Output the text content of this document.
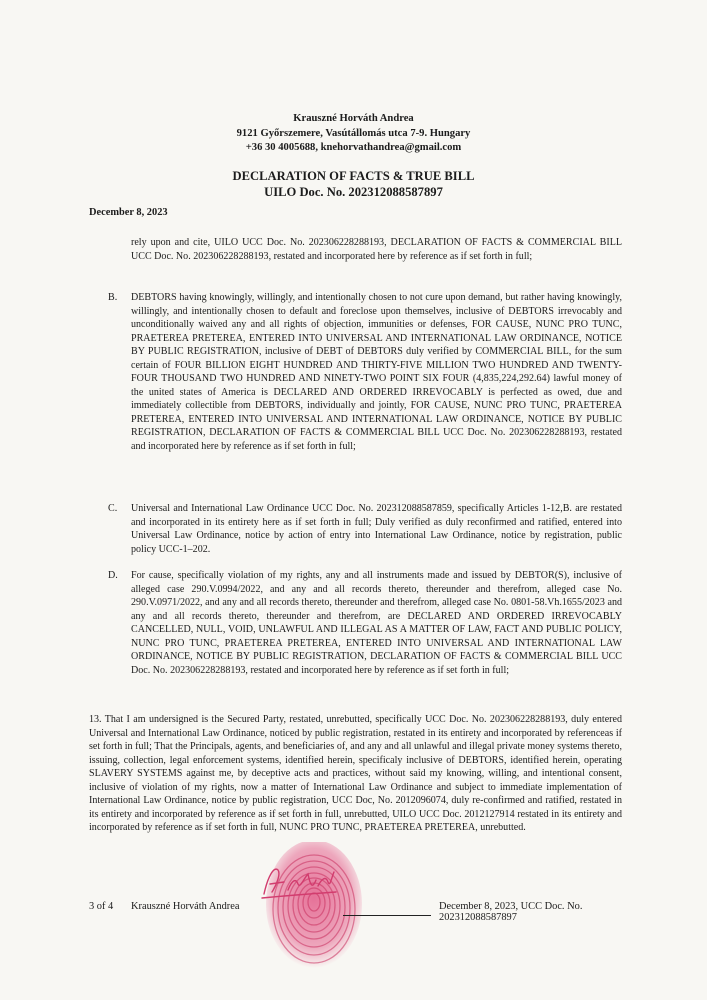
Krauszné Horváth Andrea
9121 Győrszemere, Vasútállomás utca 7-9. Hungary
+36 30 4005688, knehorvathandrea@gmail.com
DECLARATION OF FACTS & TRUE BILL
UILO Doc. No. 202312088587897
December 8, 2023

rely upon and cite, UILO UCC Doc. No. 202306228288193, DECLARATION OF FACTS & COMMERCIAL BILL UCC Doc. No. 202306228288193, restated and incorporated here by reference as if set forth in full;

B. DEBTORS having knowingly, willingly, and intentionally chosen to not cure upon demand, but rather having knowingly, willingly, and intentionally chosen to default and foreclose upon themselves, inclusive of DEBTORS irrevocably and unconditionally waived any and all rights of objection, immunities or defenses, FOR CAUSE, NUNC PRO TUNC, PRAETEREA PRETEREA, ENTERED INTO UNIVERSAL AND INTERNATIONAL LAW ORDINANCE, NOTICE BY PUBLIC REGISTRATION, inclusive of DEBT of DEBTORS duly verified by COMMERCIAL BILL, for the sum certain of FOUR BILLION EIGHT HUNDRED AND THIRTY-FIVE MILLION TWO HUNDRED AND TWENTY-FOUR THOUSAND TWO HUNDRED AND NINETY-TWO POINT SIX FOUR (4,835,224,292.64) lawful money of the united states of America is DECLARED AND ORDERED IRREVOCABLY is perfected as owed, due and immediately collectible from DEBTORS, individually and jointly, FOR CAUSE, NUNC PRO TUNC, PRAETEREA PRETEREA, ENTERED INTO UNIVERSAL AND INTERNATIONAL LAW ORDINANCE, NOTICE BY PUBLIC REGISTRATION, DECLARATION OF FACTS & COMMERCIAL BILL UCC Doc. No. 202306228288193, restated and incorporated here by reference as if set forth in full;

C. Universal and International Law Ordinance UCC Doc. No. 202312088587859, specifically Articles 1-12,B. are restated and incorporated in its entirety here as if set forth in full; Duly verified as duly reconfirmed and ratified, entered into Universal Law Ordinance, notice by action of entry into International Law Ordinance, notice by registration, public policy UCC-1–202.

D. For cause, specifically violation of my rights, any and all instruments made and issued by DEBTOR(S), inclusive of alleged case 290.V.0994/2022, and any and all records thereto, thereunder and therefrom, alleged case No. 290.V.0971/2022, and any and all records thereto, thereunder and therefrom, alleged case No. 0801-58.Vh.1655/2023 and any and all records thereto, thereunder and therefrom, are DECLARED AND ORDERED IRREVOCABLY CANCELLED, NULL, VOID, UNLAWFUL AND ILLEGAL AS A MATTER OF LAW, FACT AND PUBLIC POLICY, NUNC PRO TUNC, PRAETEREA PRETEREA, ENTERED INTO UNIVERSAL AND INTERNATIONAL LAW ORDINANCE, NOTICE BY PUBLIC REGISTRATION, DECLARATION OF FACTS & COMMERCIAL BILL UCC Doc. No. 202306228288193, restated and incorporated here by reference as if set forth in full;

13. That I am undersigned is the Secured Party, restated, unrebutted, specifically UCC Doc. No. 202306228288193, duly entered Universal and International Law Ordinance, noticed by public registration, restated in its entirety and incorporated by referenceas if set forth in full; That the Principals, agents, and beneficiaries of, and any and all unlawful and illegal private money systems thereto, issuing, collection, legal enforcement systems, identified herein, specificaly inclusive of DEBTORS, identified herein, operating SLAVERY SYSTEMS against me, by deceptive acts and practices, without said my knowing, willing, and intentional consent, inclusive of violation of my rights, now a matter of International Law Ordinance and subject to immediate implementation of International Law Ordinance, notice by public registration, UCC Doc, No. 2012096074, duly re-confirmed and ratified, restated in its entirety and incorporated by reference as if set forth in full, unrebutted, UILO UCC Doc. 2012127914 restated in its entirety and incorporated by reference as if set forth in full, NUNC PRO TUNC, PRAETEREA PRETEREA, unrebutted.

3 of 4 Krauszné Horváth Andrea	December 8, 2023, UCC Doc. No. 202312088587897
